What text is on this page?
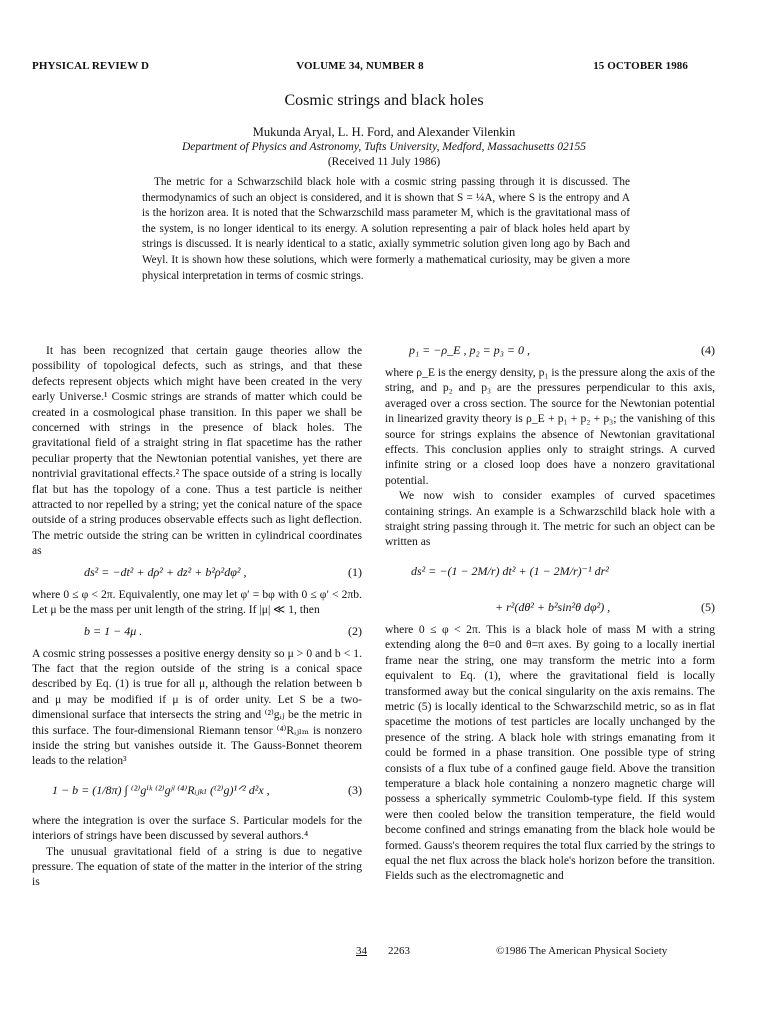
PHYSICAL REVIEW D	VOLUME 34, NUMBER 8	15 OCTOBER 1986
Cosmic strings and black holes
Mukunda Aryal, L. H. Ford, and Alexander Vilenkin
Department of Physics and Astronomy, Tufts University, Medford, Massachusetts 02155
(Received 11 July 1986)

The metric for a Schwarzschild black hole with a cosmic string passing through it is discussed. The thermodynamics of such an object is considered, and it is shown that S = ¼A, where S is the entropy and A is the horizon area. It is noted that the Schwarzschild mass parameter M, which is the gravitational mass of the system, is no longer identical to its energy. A solution representing a pair of black holes held apart by strings is discussed. It is nearly identical to a static, axially symmetric solution given long ago by Bach and Weyl. It is shown how these solutions, which were formerly a mathematical curiosity, may be given a more physical interpretation in terms of cosmic strings.

It has been recognized that certain gauge theories allow the possibility of topological defects, such as strings, and that these defects represent objects which might have been created in the very early Universe.¹ Cosmic strings are strands of matter which could be created in a cosmological phase transition. In this paper we shall be concerned with strings in the presence of black holes. The gravitational field of a straight string in flat spacetime has the rather peculiar property that the Newtonian potential vanishes, yet there are nontrivial gravitational effects.² The space outside of a string is locally flat but has the topology of a cone. Thus a test particle is neither attracted to nor repelled by a string; yet the conical nature of the space outside of a string produces observable effects such as light deflection. The metric outside the string can be written in cylindrical coordinates as

ds² = −dt² + dρ² + dz² + b²ρ²dφ² ,	(1)

where 0 ≤ φ < 2π. Equivalently, one may let φ′ = bφ with 0 ≤ φ′ < 2πb. Let μ be the mass per unit length of the string. If |μ| ≪ 1, then

b = 1 − 4μ .	(2)

A cosmic string possesses a positive energy density so μ > 0 and b < 1. The fact that the region outside of the string is a conical space described by Eq. (1) is true for all μ, although the relation between b and μ may be modified if μ is of order unity. Let S be a two-dimensional surface that intersects the string and ⁽²⁾gᵢⱼ be the metric in this surface. The four-dimensional Riemann tensor ⁽⁴⁾Rᵢⱼₗₘ is nonzero inside the string but vanishes outside it. The Gauss-Bonnet theorem leads to the relation³

1 − b = (1/8π) ∫ ⁽²⁾gⁱᵏ ⁽²⁾gʲˡ ⁽⁴⁾Rᵢⱼₖₗ (⁽²⁾g)¹ᐟ² d²x ,	(3)

where the integration is over the surface S. Particular models for the interiors of strings have been discussed by several authors.⁴

The unusual gravitational field of a string is due to negative pressure. The equation of state of the matter in the interior of the string is

p₁ = −ρ_E , p₂ = p₃ = 0 ,	(4)

where ρ_E is the energy density, p₁ is the pressure along the axis of the string, and p₂ and p₃ are the pressures perpendicular to this axis, averaged over a cross section. The source for the Newtonian potential in linearized gravity theory is ρ_E + p₁ + p₂ + p₃; the vanishing of this source for strings explains the absence of Newtonian gravitational effects. This conclusion applies only to straight strings. A curved infinite string or a closed loop does have a nonzero gravitational potential.

We now wish to consider examples of curved spacetimes containing strings. An example is a Schwarzschild black hole with a straight string passing through it. The metric for such an object can be written as

ds² = −(1 − 2M/r) dt² + (1 − 2M/r)⁻¹ dr²
+ r²(dθ² + b²sin²θ dφ²) ,	(5)

where 0 ≤ φ < 2π. This is a black hole of mass M with a string extending along the θ=0 and θ=π axes. By going to a locally inertial frame near the string, one may transform the metric into a form equivalent to Eq. (1), where the gravitational field is locally transformed away but the conical singularity on the axis remains. The metric (5) is locally identical to the Schwarzschild metric, so as in flat spacetime the motions of test particles are locally unchanged by the presence of the string. A black hole with strings emanating from it could be formed in a phase transition. One possible type of string consists of a flux tube of a confined gauge field. Above the transition temperature a black hole containing a nonzero magnetic charge will possess a spherically symmetric Coulomb-type field. If this system were then cooled below the transition temperature, the field would become confined and strings emanating from the black hole would be formed. Gauss's theorem requires the total flux carried by the strings to equal the net flux across the black hole's horizon before the transition. Fields such as the electromagnetic and

34 2263	©1986 The American Physical Society
